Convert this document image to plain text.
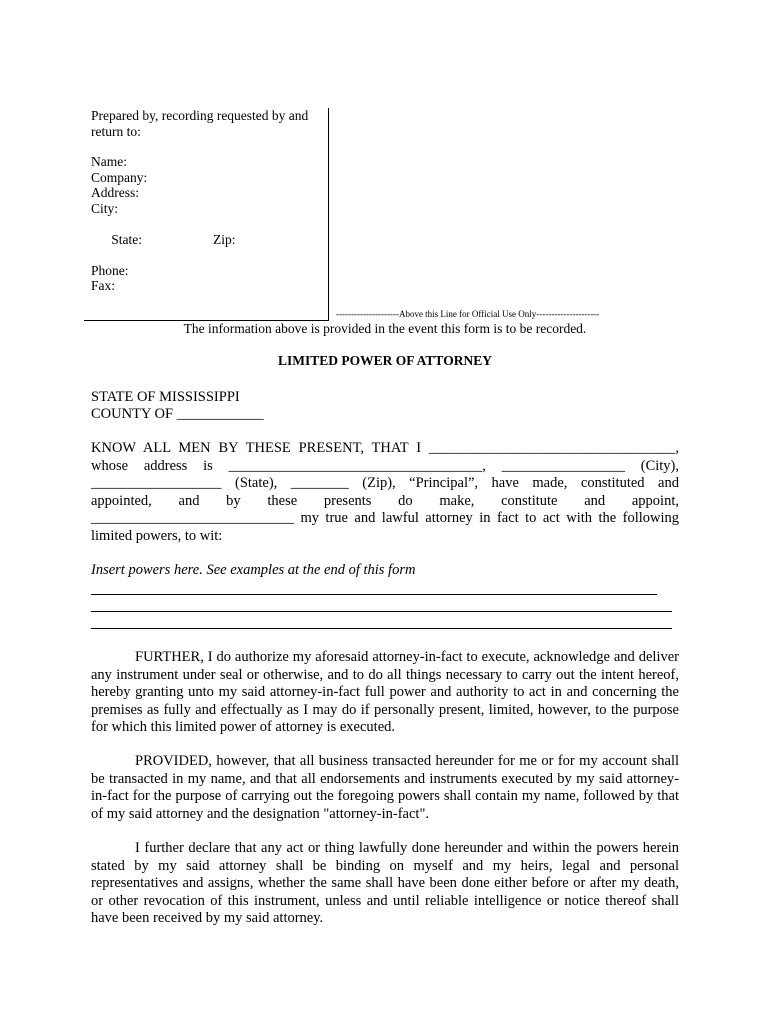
Prepared by, recording requested by and
return to:
Name:
Company:
Address:
City:

State:	Zip:

Phone:
Fax:
---------------------Above this Line for Official Use Only---------------------
The information above is provided in the event this form is to be recorded.
LIMITED POWER OF ATTORNEY
STATE OF MISSISSIPPI
COUNTY OF ____________
KNOW ALL MEN BY THESE PRESENT, THAT I __________________________________,
whose address is ___________________________________, _________________ (City),
__________________ (State), ________ (Zip), “Principal”, have made, constituted and
appointed, and by these presents do make, constitute and appoint,
____________________________ my true and lawful attorney in fact to act with the following
limited powers, to wit:
Insert powers here. See examples at the end of this form
FURTHER, I do authorize my aforesaid attorney-in-fact to execute, acknowledge and deliver any instrument under seal or otherwise, and to do all things necessary to carry out the intent hereof, hereby granting unto my said attorney-in-fact full power and authority to act in and concerning the premises as fully and effectually as I may do if personally present, limited, however, to the purpose for which this limited power of attorney is executed.
PROVIDED, however, that all business transacted hereunder for me or for my account shall be transacted in my name, and that all endorsements and instruments executed by my said attorney-in-fact for the purpose of carrying out the foregoing powers shall contain my name, followed by that of my said attorney and the designation "attorney-in-fact".
I further declare that any act or thing lawfully done hereunder and within the powers herein stated by my said attorney shall be binding on myself and my heirs, legal and personal representatives and assigns, whether the same shall have been done either before or after my death, or other revocation of this instrument, unless and until reliable intelligence or notice thereof shall have been received by my said attorney.
